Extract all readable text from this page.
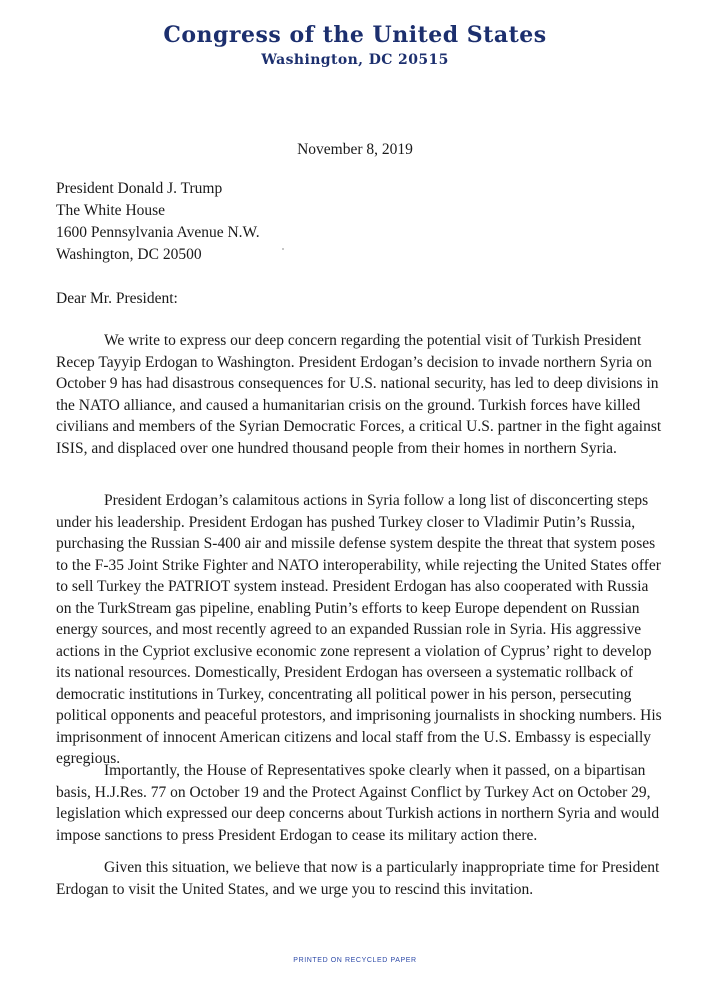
Congress of the United States
Washington, DC 20515
November 8, 2019
President Donald J. Trump
The White House
1600 Pennsylvania Avenue N.W.
Washington, DC 20500
Dear Mr. President:

We write to express our deep concern regarding the potential visit of Turkish President Recep Tayyip Erdogan to Washington. President Erdogan’s decision to invade northern Syria on October 9 has had disastrous consequences for U.S. national security, has led to deep divisions in the NATO alliance, and caused a humanitarian crisis on the ground. Turkish forces have killed civilians and members of the Syrian Democratic Forces, a critical U.S. partner in the fight against ISIS, and displaced over one hundred thousand people from their homes in northern Syria.

President Erdogan’s calamitous actions in Syria follow a long list of disconcerting steps under his leadership. President Erdogan has pushed Turkey closer to Vladimir Putin’s Russia, purchasing the Russian S-400 air and missile defense system despite the threat that system poses to the F-35 Joint Strike Fighter and NATO interoperability, while rejecting the United States offer to sell Turkey the PATRIOT system instead. President Erdogan has also cooperated with Russia on the TurkStream gas pipeline, enabling Putin’s efforts to keep Europe dependent on Russian energy sources, and most recently agreed to an expanded Russian role in Syria. His aggressive actions in the Cypriot exclusive economic zone represent a violation of Cyprus’ right to develop its national resources. Domestically, President Erdogan has overseen a systematic rollback of democratic institutions in Turkey, concentrating all political power in his person, persecuting political opponents and peaceful protestors, and imprisoning journalists in shocking numbers. His imprisonment of innocent American citizens and local staff from the U.S. Embassy is especially egregious.

Importantly, the House of Representatives spoke clearly when it passed, on a bipartisan basis, H.J.Res. 77 on October 19 and the Protect Against Conflict by Turkey Act on October 29, legislation which expressed our deep concerns about Turkish actions in northern Syria and would impose sanctions to press President Erdogan to cease its military action there.

Given this situation, we believe that now is a particularly inappropriate time for President Erdogan to visit the United States, and we urge you to rescind this invitation.

PRINTED ON RECYCLED PAPER
